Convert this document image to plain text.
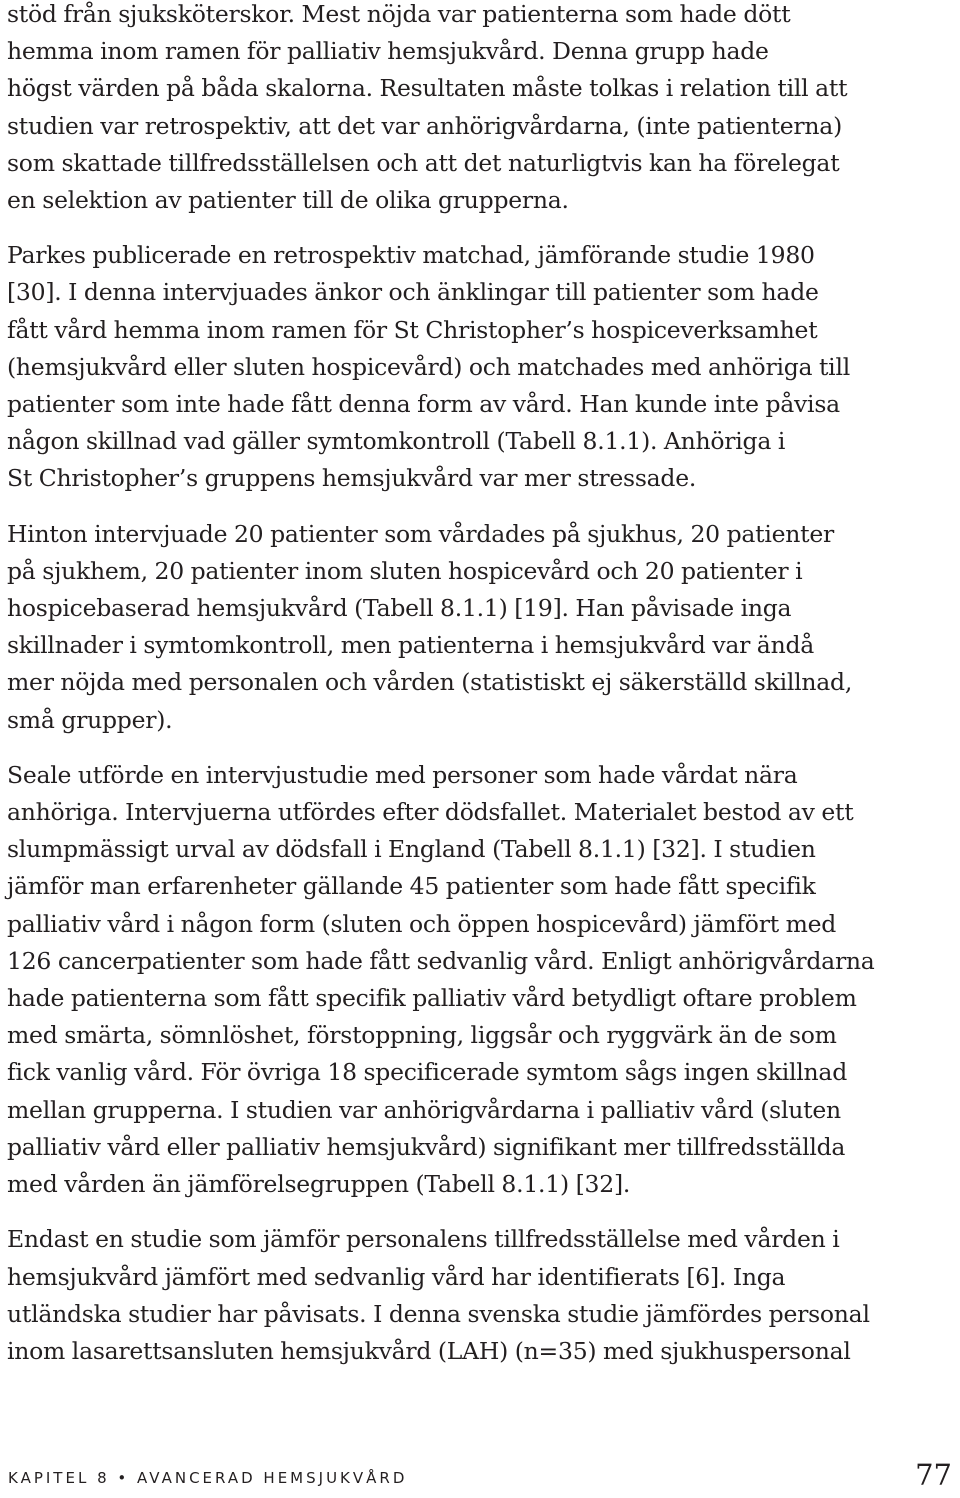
stöd från sjuksköterskor. Mest nöjda var patienterna som hade dött
hemma inom ramen för palliativ hemsjukvård. Denna grupp hade
högst värden på båda skalorna. Resultaten måste tolkas i relation till att
studien var retrospektiv, att det var anhörigvårdarna, (inte patienterna)
som skattade tillfredsställelsen och att det naturligtvis kan ha förelegat
en selektion av patienter till de olika grupperna.

Parkes publicerade en retrospektiv matchad, jämförande studie 1980
[30]. I denna intervjuades änkor och änklingar till patienter som hade
fått vård hemma inom ramen för St Christopher’s hospiceverksamhet
(hemsjukvård eller sluten hospicevård) och matchades med anhöriga till
patienter som inte hade fått denna form av vård. Han kunde inte påvisa
någon skillnad vad gäller symtomkontroll (Tabell 8.1.1). Anhöriga i
St Christopher’s gruppens hemsjukvård var mer stressade.

Hinton intervjuade 20 patienter som vårdades på sjukhus, 20 patienter
på sjukhem, 20 patienter inom sluten hospicevård och 20 patienter i
hospicebaserad hemsjukvård (Tabell 8.1.1) [19]. Han påvisade inga
skillnader i symtomkontroll, men patienterna i hemsjukvård var ändå
mer nöjda med personalen och vården (statistiskt ej säkerställd skillnad,
små grupper).

Seale utförde en intervjustudie med personer som hade vårdat nära
anhöriga. Intervjuerna utfördes efter dödsfallet. Materialet bestod av ett
slumpmässigt urval av dödsfall i England (Tabell 8.1.1) [32]. I studien
jämför man erfarenheter gällande 45 patienter som hade fått specifik
palliativ vård i någon form (sluten och öppen hospicevård) jämfört med
126 cancerpatienter som hade fått sedvanlig vård. Enligt anhörigvårdarna
hade patienterna som fått specifik palliativ vård betydligt oftare problem
med smärta, sömnlöshet, förstoppning, liggsår och ryggvärk än de som
fick vanlig vård. För övriga 18 specificerade symtom sågs ingen skillnad
mellan grupperna. I studien var anhörigvårdarna i palliativ vård (sluten
palliativ vård eller palliativ hemsjukvård) signifikant mer tillfredsställda
med vården än jämförelsegruppen (Tabell 8.1.1) [32].

Endast en studie som jämför personalens tillfredsställelse med vården i
hemsjukvård jämfört med sedvanlig vård har identifierats [6]. Inga
utländska studier har påvisats. I denna svenska studie jämfördes personal
inom lasarettsansluten hemsjukvård (LAH) (n=35) med sjukhuspersonal

KAPITEL 8 • AVANCERAD HEMSJUKVÅRD	77
